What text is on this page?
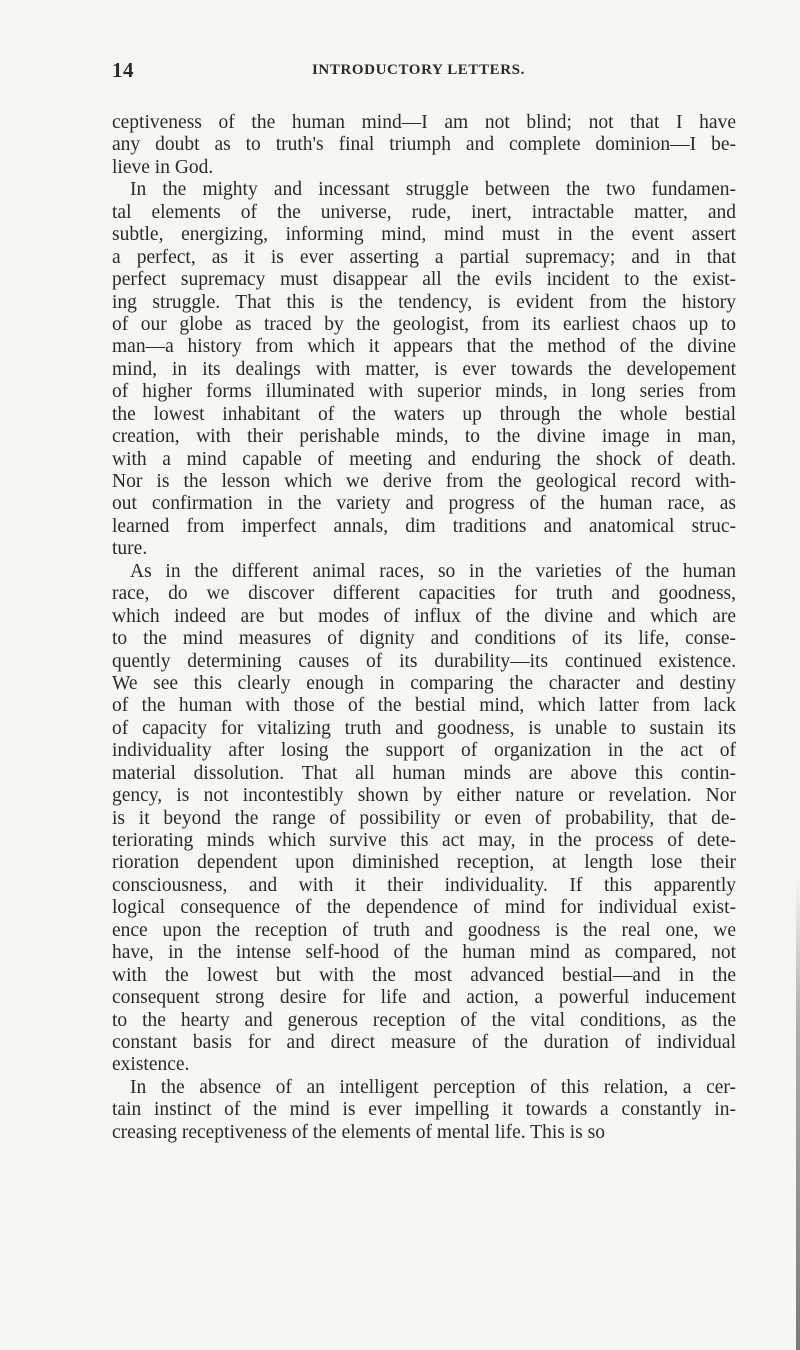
14	INTRODUCTORY LETTERS.
ceptiveness of the human mind—I am not blind; not that I have
any doubt as to truth's final triumph and complete dominion—I be-
lieve in God.
In the mighty and incessant struggle between the two fundamen-
tal elements of the universe, rude, inert, intractable matter, and
subtle, energizing, informing mind, mind must in the event assert
a perfect, as it is ever asserting a partial supremacy; and in that
perfect supremacy must disappear all the evils incident to the exist-
ing struggle. That this is the tendency, is evident from the history
of our globe as traced by the geologist, from its earliest chaos up to
man—a history from which it appears that the method of the divine
mind, in its dealings with matter, is ever towards the developement
of higher forms illuminated with superior minds, in long series from
the lowest inhabitant of the waters up through the whole bestial
creation, with their perishable minds, to the divine image in man,
with a mind capable of meeting and enduring the shock of death.
Nor is the lesson which we derive from the geological record with-
out confirmation in the variety and progress of the human race, as
learned from imperfect annals, dim traditions and anatomical struc-
ture.
As in the different animal races, so in the varieties of the human
race, do we discover different capacities for truth and goodness,
which indeed are but modes of influx of the divine and which are
to the mind measures of dignity and conditions of its life, conse-
quently determining causes of its durability—its continued existence.
We see this clearly enough in comparing the character and destiny
of the human with those of the bestial mind, which latter from lack
of capacity for vitalizing truth and goodness, is unable to sustain its
individuality after losing the support of organization in the act of
material dissolution. That all human minds are above this contin-
gency, is not incontestibly shown by either nature or revelation. Nor
is it beyond the range of possibility or even of probability, that de-
teriorating minds which survive this act may, in the process of dete-
rioration dependent upon diminished reception, at length lose their
consciousness, and with it their individuality. If this apparently
logical consequence of the dependence of mind for individual exist-
ence upon the reception of truth and goodness is the real one, we
have, in the intense self-hood of the human mind as compared, not
with the lowest but with the most advanced bestial—and in the
consequent strong desire for life and action, a powerful inducement
to the hearty and generous reception of the vital conditions, as the
constant basis for and direct measure of the duration of individual
existence.
In the absence of an intelligent perception of this relation, a cer-
tain instinct of the mind is ever impelling it towards a constantly in-
creasing receptiveness of the elements of mental life. This is so
